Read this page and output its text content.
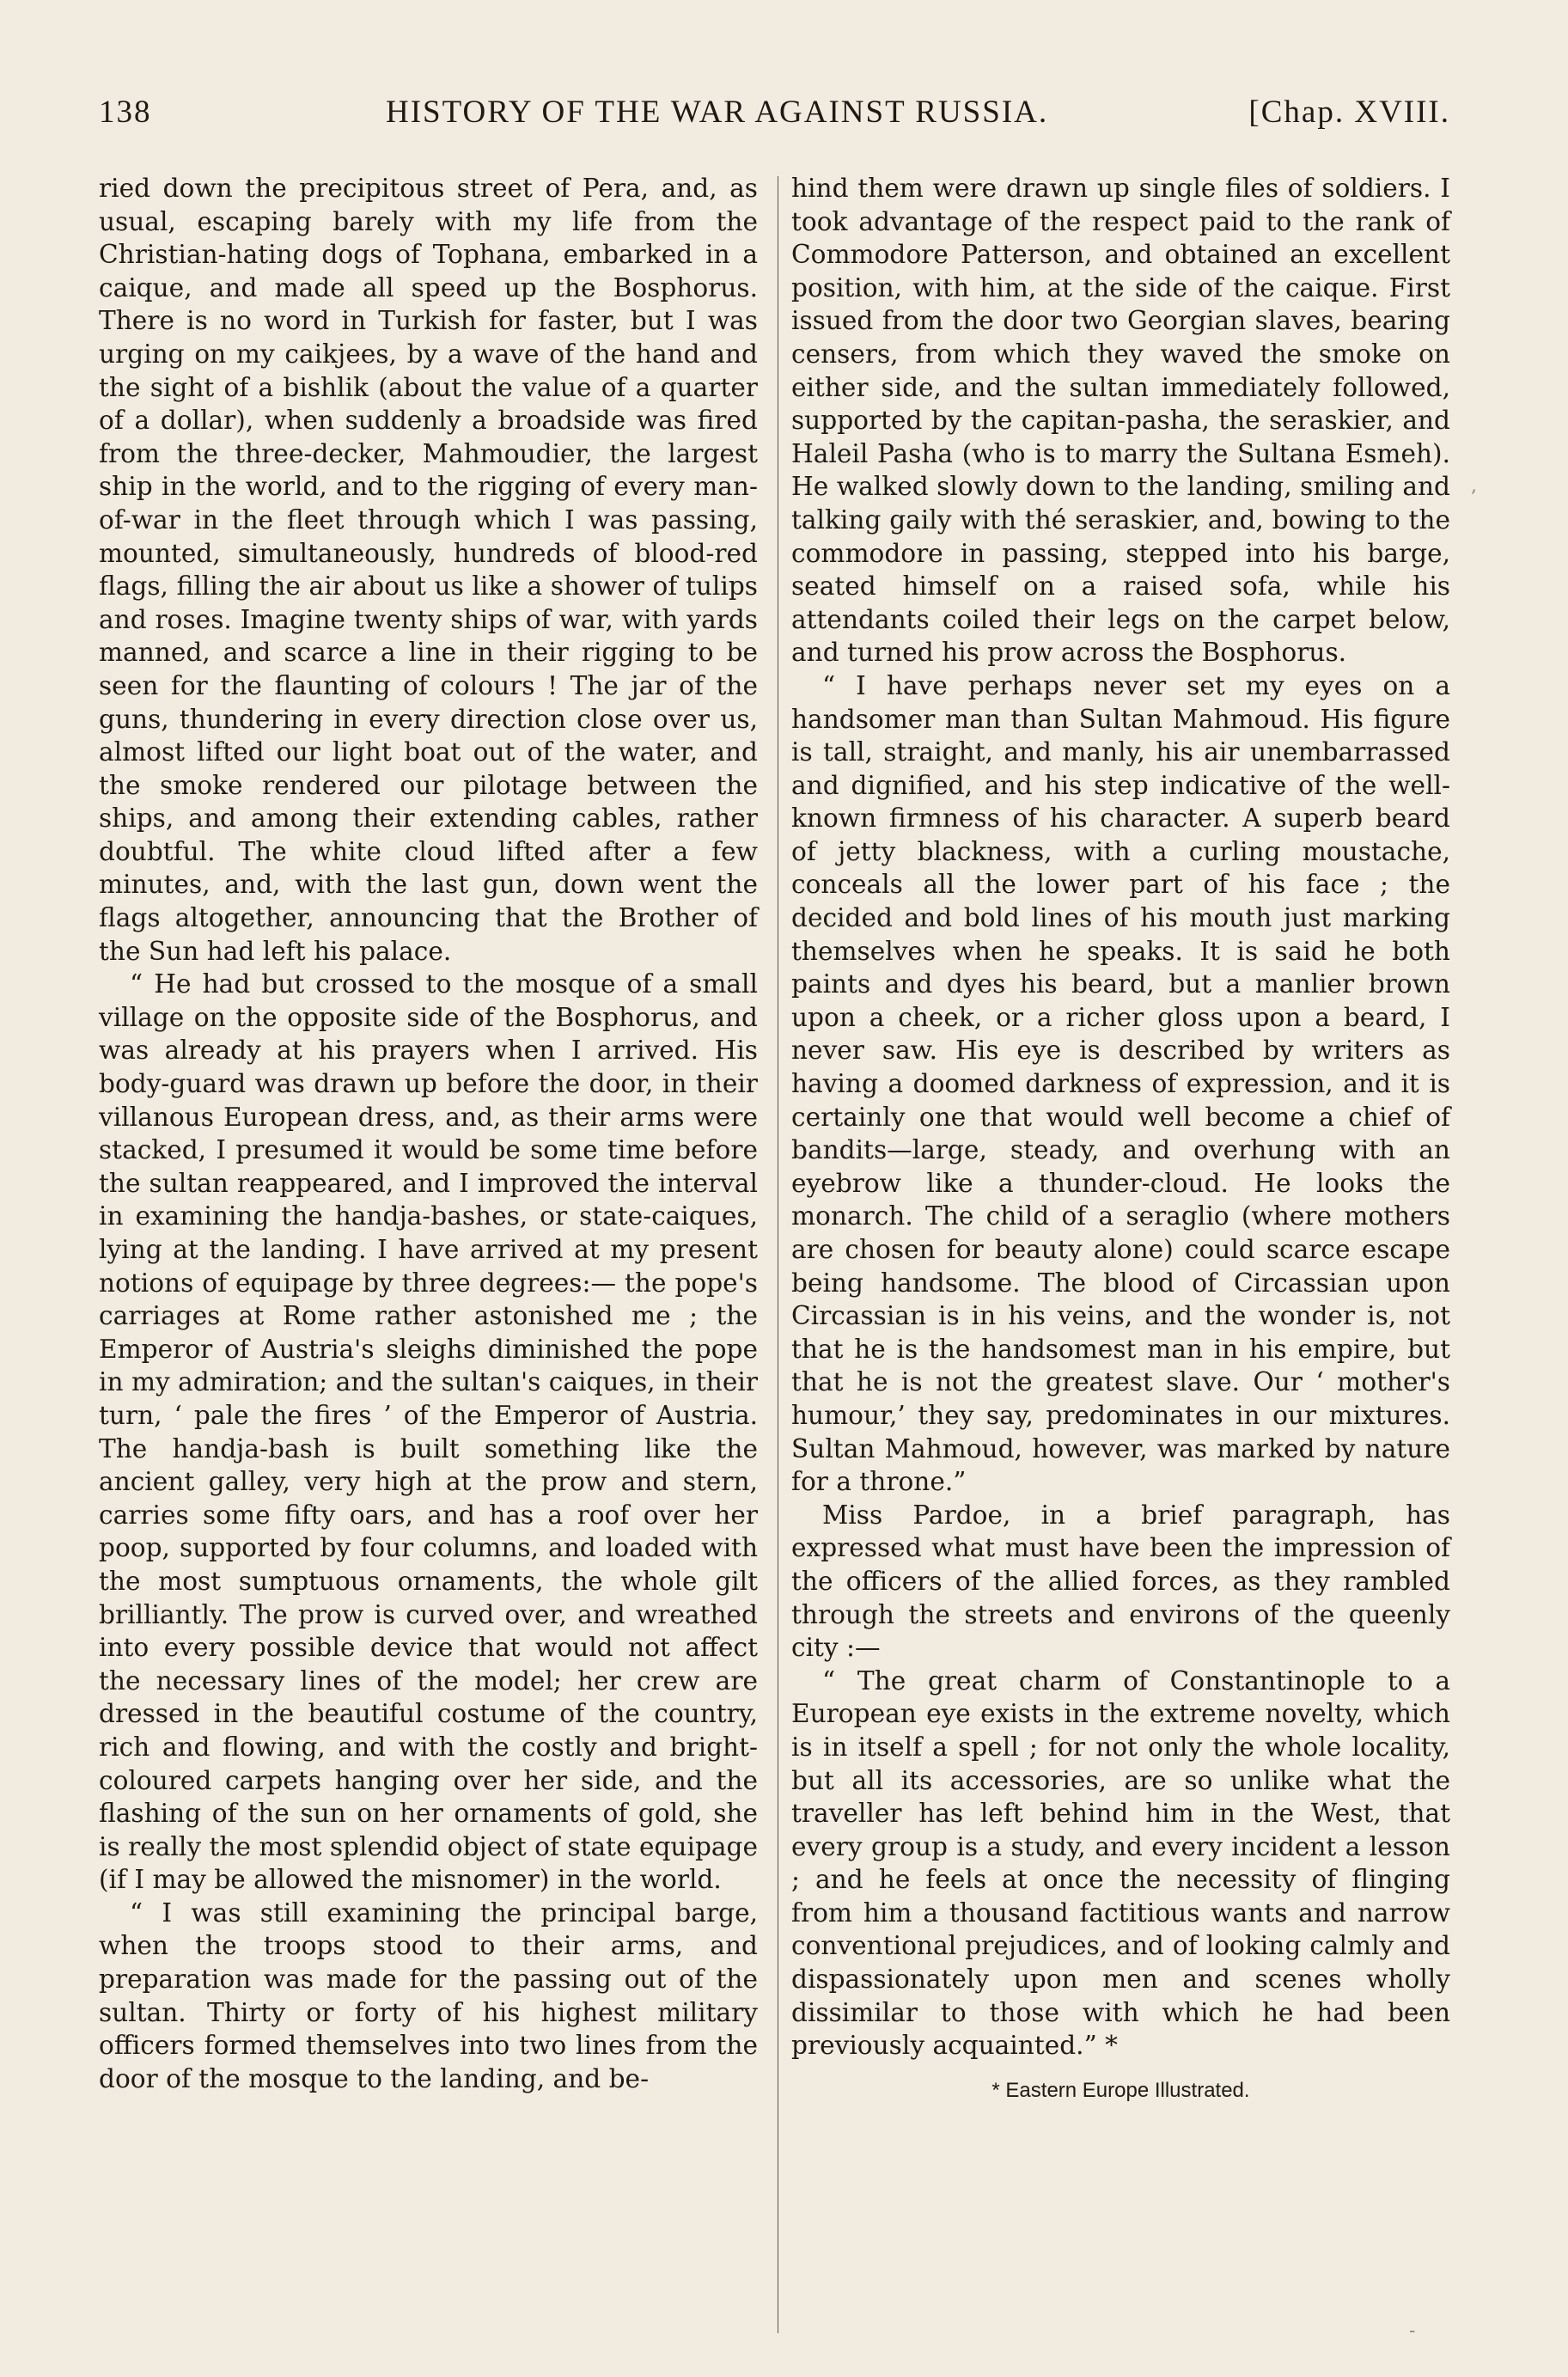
138	HISTORY OF THE WAR AGAINST RUSSIA.	[Chap. XVIII.

ried down the precipitous street of Pera, and, as usual, escaping barely with my life from the Christian-hating dogs of Tophana, embarked in a caique, and made all speed up the Bosphorus. There is no word in Turkish for faster, but I was urging on my caikjees, by a wave of the hand and the sight of a bishlik (about the value of a quarter of a dollar), when suddenly a broadside was fired from the three-decker, Mahmoudier, the largest ship in the world, and to the rigging of every man-of-war in the fleet through which I was passing, mounted, simultaneously, hundreds of blood-red flags, filling the air about us like a shower of tulips and roses. Imagine twenty ships of war, with yards manned, and scarce a line in their rigging to be seen for the flaunting of colours ! The jar of the guns, thundering in every direction close over us, almost lifted our light boat out of the water, and the smoke rendered our pilotage between the ships, and among their extending cables, rather doubtful. The white cloud lifted after a few minutes, and, with the last gun, down went the flags altogether, announcing that the Brother of the Sun had left his palace.

“ He had but crossed to the mosque of a small village on the opposite side of the Bosphorus, and was already at his prayers when I arrived. His body-guard was drawn up before the door, in their villanous European dress, and, as their arms were stacked, I presumed it would be some time before the sultan reappeared, and I improved the interval in examining the handja-bashes, or state-caiques, lying at the landing. I have arrived at my present notions of equipage by three degrees:— the pope's carriages at Rome rather astonished me ; the Emperor of Austria's sleighs diminished the pope in my admiration; and the sultan's caiques, in their turn, ‘ pale the fires ’ of the Emperor of Austria. The handja-bash is built something like the ancient galley, very high at the prow and stern, carries some fifty oars, and has a roof over her poop, supported by four columns, and loaded with the most sumptuous ornaments, the whole gilt brilliantly. The prow is curved over, and wreathed into every possible device that would not affect the necessary lines of the model; her crew are dressed in the beautiful costume of the country, rich and flowing, and with the costly and bright-coloured carpets hanging over her side, and the flashing of the sun on her ornaments of gold, she is really the most splendid object of state equipage (if I may be allowed the misnomer) in the world.

“ I was still examining the principal barge, when the troops stood to their arms, and preparation was made for the passing out of the sultan. Thirty or forty of his highest military officers formed themselves into two lines from the door of the mosque to the landing, and be-

hind them were drawn up single files of soldiers. I took advantage of the respect paid to the rank of Commodore Patterson, and obtained an excellent position, with him, at the side of the caique. First issued from the door two Georgian slaves, bearing censers, from which they waved the smoke on either side, and the sultan immediately followed, supported by the capitan-pasha, the seraskier, and Haleil Pasha (who is to marry the Sultana Esmeh). He walked slowly down to the landing, smiling and talking gaily with thé seraskier, and, bowing to the commodore in passing, stepped into his barge, seated himself on a raised sofa, while his attendants coiled their legs on the carpet below, and turned his prow across the Bosphorus.

“ I have perhaps never set my eyes on a handsomer man than Sultan Mahmoud. His figure is tall, straight, and manly, his air unembarrassed and dignified, and his step indicative of the well-known firmness of his character. A superb beard of jetty blackness, with a curling moustache, conceals all the lower part of his face ; the decided and bold lines of his mouth just marking themselves when he speaks. It is said he both paints and dyes his beard, but a manlier brown upon a cheek, or a richer gloss upon a beard, I never saw. His eye is described by writers as having a doomed darkness of expression, and it is certainly one that would well become a chief of bandits—large, steady, and overhung with an eyebrow like a thunder-cloud. He looks the monarch. The child of a seraglio (where mothers are chosen for beauty alone) could scarce escape being handsome. The blood of Circassian upon Circassian is in his veins, and the wonder is, not that he is the handsomest man in his empire, but that he is not the greatest slave. Our ‘ mother's humour,’ they say, predominates in our mixtures. Sultan Mahmoud, however, was marked by nature for a throne.”

Miss Pardoe, in a brief paragraph, has expressed what must have been the impression of the officers of the allied forces, as they rambled through the streets and environs of the queenly city :—

“ The great charm of Constantinople to a European eye exists in the extreme novelty, which is in itself a spell ; for not only the whole locality, but all its accessories, are so unlike what the traveller has left behind him in the West, that every group is a study, and every incident a lesson ; and he feels at once the necessity of flinging from him a thousand factitious wants and narrow conventional prejudices, and of looking calmly and dispassionately upon men and scenes wholly dissimilar to those with which he had been previously acquainted.” *

* Eastern Europe Illustrated.
,
-
